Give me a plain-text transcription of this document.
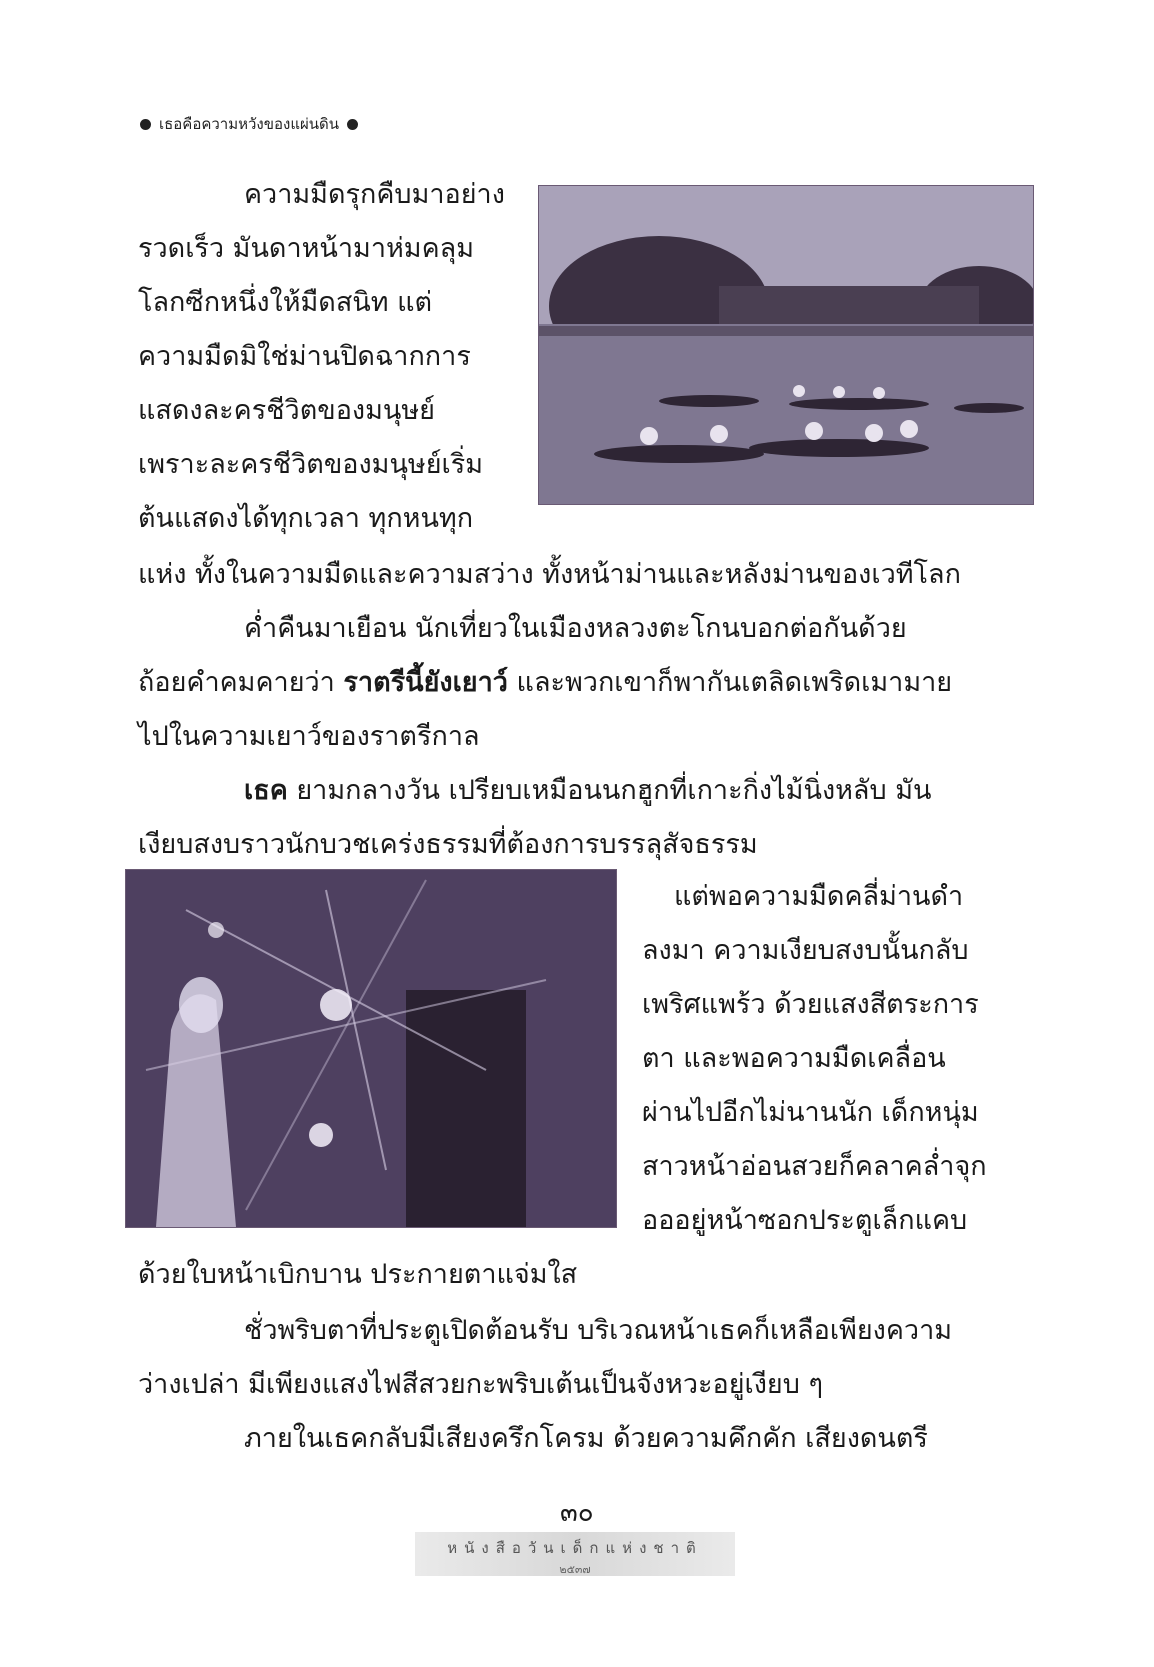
เธอคือความหวังของแผ่นดิน
ความมืดรุกคืบมาอย่าง
รวดเร็ว มันดาหน้ามาห่มคลุม
โลกซีกหนึ่งให้มืดสนิท แต่
ความมืดมิใช่ม่านปิดฉากการ
แสดงละครชีวิตของมนุษย์
เพราะละครชีวิตของมนุษย์เริ่ม
ต้นแสดงได้ทุกเวลา ทุกหนทุก
แห่ง ทั้งในความมืดและความสว่าง ทั้งหน้าม่านและหลังม่านของเวทีโลก
ค่ำคืนมาเยือน นักเที่ยวในเมืองหลวงตะโกนบอกต่อกันด้วย
ถ้อยคำคมคายว่า ราตรีนี้ยังเยาว์ และพวกเขาก็พากันเตลิดเพริดเมามาย
ไปในความเยาว์ของราตรีกาล
เธค ยามกลางวัน เปรียบเหมือนนกฮูกที่เกาะกิ่งไม้นิ่งหลับ มัน
เงียบสงบราวนักบวชเคร่งธรรมที่ต้องการบรรลุสัจธรรม
แต่พอความมืดคลี่ม่านดำ
ลงมา ความเงียบสงบนั้นกลับ
เพริศแพร้ว ด้วยแสงสีตระการ
ตา และพอความมืดเคลื่อน
ผ่านไปอีกไม่นานนัก เด็กหนุ่ม
สาวหน้าอ่อนสวยก็คลาคล่ำจุก
อออยู่หน้าซอกประตูเล็กแคบ
ด้วยใบหน้าเบิกบาน ประกายตาแจ่มใส
ชั่วพริบตาที่ประตูเปิดต้อนรับ บริเวณหน้าเธคก็เหลือเพียงความ
ว่างเปล่า มีเพียงแสงไฟสีสวยกะพริบเต้นเป็นจังหวะอยู่เงียบ ๆ
ภายในเธคกลับมีเสียงครึกโครม ด้วยความคึกคัก เสียงดนตรี
๓๐
หนังสือวันเด็กแห่งชาติ
๒๕๓๗
